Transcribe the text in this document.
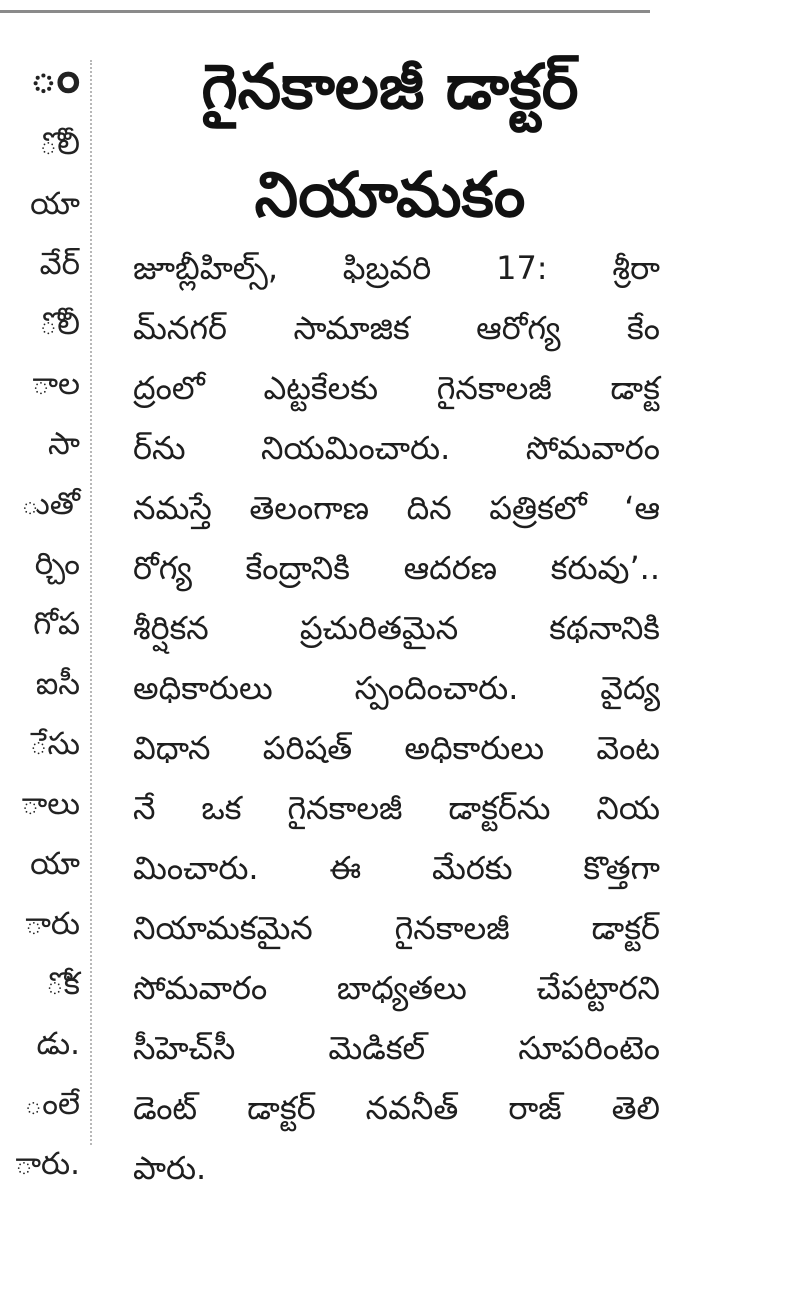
ం
ోలీ
యా
వేర్
ోలీ
ాల
సా
ుతో
ర్చిం
గోప
ఐసీ
ేసు
ాలు
యా
ారు
ోక
డు.
ంలే
ారు.
గైనకాలజీ డాక్టర్
నియామకం
జూబ్లీహిల్స్, ఫిబ్రవరి 17: శ్రీరా
మ్‌నగర్ సామాజిక ఆరోగ్య కేం
ద్రంలో ఎట్టకేలకు గైనకాలజీ డాక్ట
ర్‌ను నియమించారు. సోమవారం
నమస్తే తెలంగాణ దిన పత్రికలో ‘ఆ
రోగ్య కేంద్రానికి ఆదరణ కరువు’..
శీర్షికన ప్రచురితమైన కథనానికి
అధికారులు స్పందించారు. వైద్య
విధాన పరిషత్ అధికారులు వెంట
నే ఒక గైనకాలజీ డాక్టర్‌ను నియ
మించారు. ఈ మేరకు కొత్తగా
నియామకమైన గైనకాలజీ డాక్టర్
సోమవారం బాధ్యతలు చేపట్టారని
సీహెచ్‌సీ మెడికల్ సూపరింటెం
డెంట్ డాక్టర్ నవనీత్ రాజ్ తెలి
పారు.
